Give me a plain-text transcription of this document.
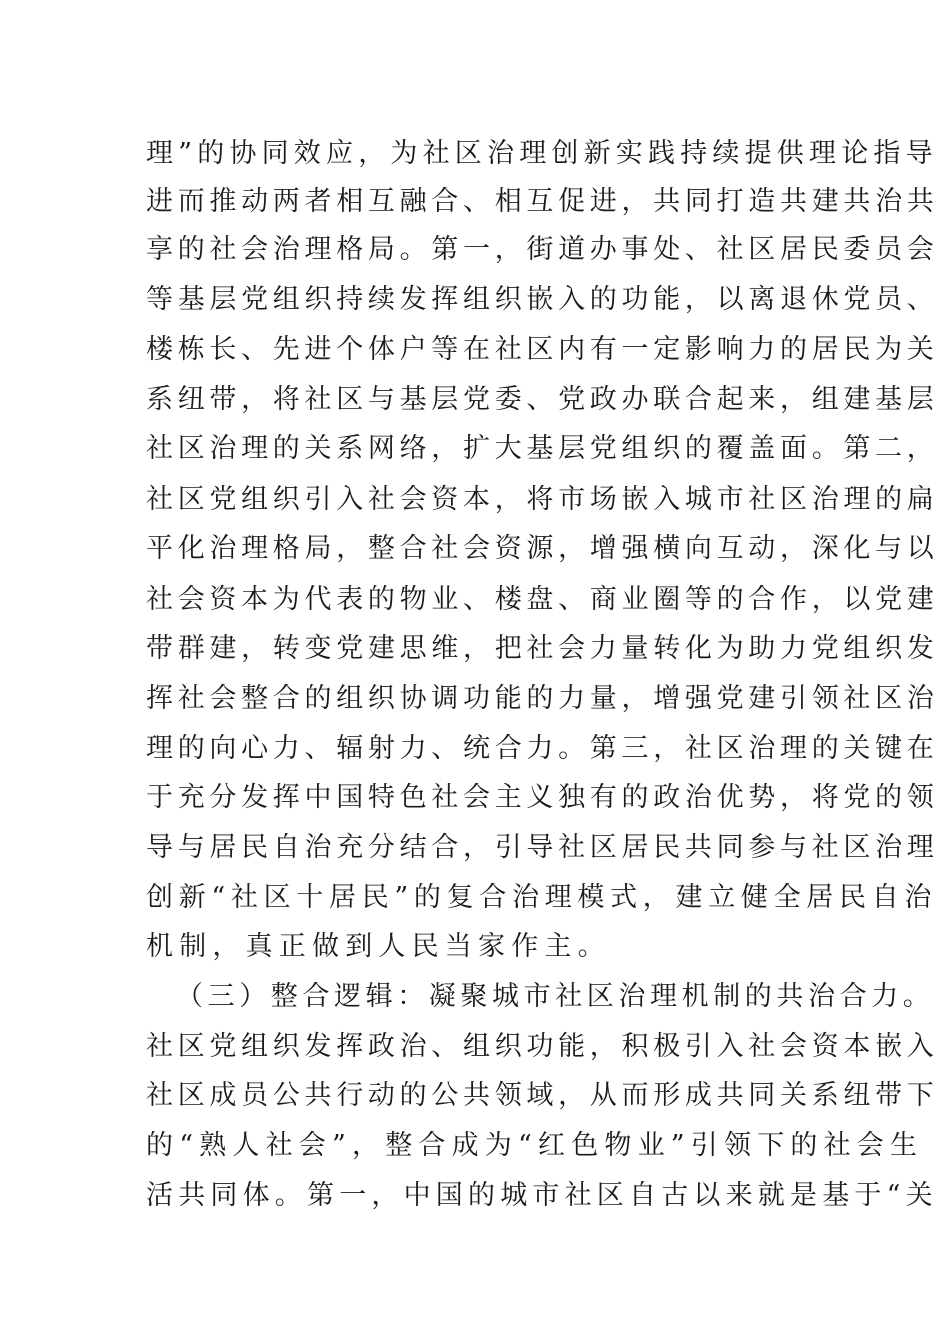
理”的协同效应，为社区治理创新实践持续提供理论指导
进而推动两者相互融合、相互促进，共同打造共建共治共
享的社会治理格局。第一，街道办事处、社区居民委员会
等基层党组织持续发挥组织嵌入的功能，以离退休党员、
楼栋长、先进个体户等在社区内有一定影响力的居民为关
系纽带，将社区与基层党委、党政办联合起来，组建基层
社区治理的关系网络，扩大基层党组织的覆盖面。第二，
社区党组织引入社会资本，将市场嵌入城市社区治理的扁
平化治理格局，整合社会资源，增强横向互动，深化与以
社会资本为代表的物业、楼盘、商业圈等的合作，以党建
带群建，转变党建思维，把社会力量转化为助力党组织发
挥社会整合的组织协调功能的力量，增强党建引领社区治
理的向心力、辐射力、统合力。第三，社区治理的关键在
于充分发挥中国特色社会主义独有的政治优势，将党的领
导与居民自治充分结合，引导社区居民共同参与社区治理
创新“社区十居民”的复合治理模式，建立健全居民自治
机制，真正做到人民当家作主。
（三）整合逻辑：凝聚城市社区治理机制的共治合力。
社区党组织发挥政治、组织功能，积极引入社会资本嵌入
社区成员公共行动的公共领域，从而形成共同关系纽带下
的“熟人社会”，整合成为“红色物业”引领下的社会生
活共同体。第一，中国的城市社区自古以来就是基于“关
